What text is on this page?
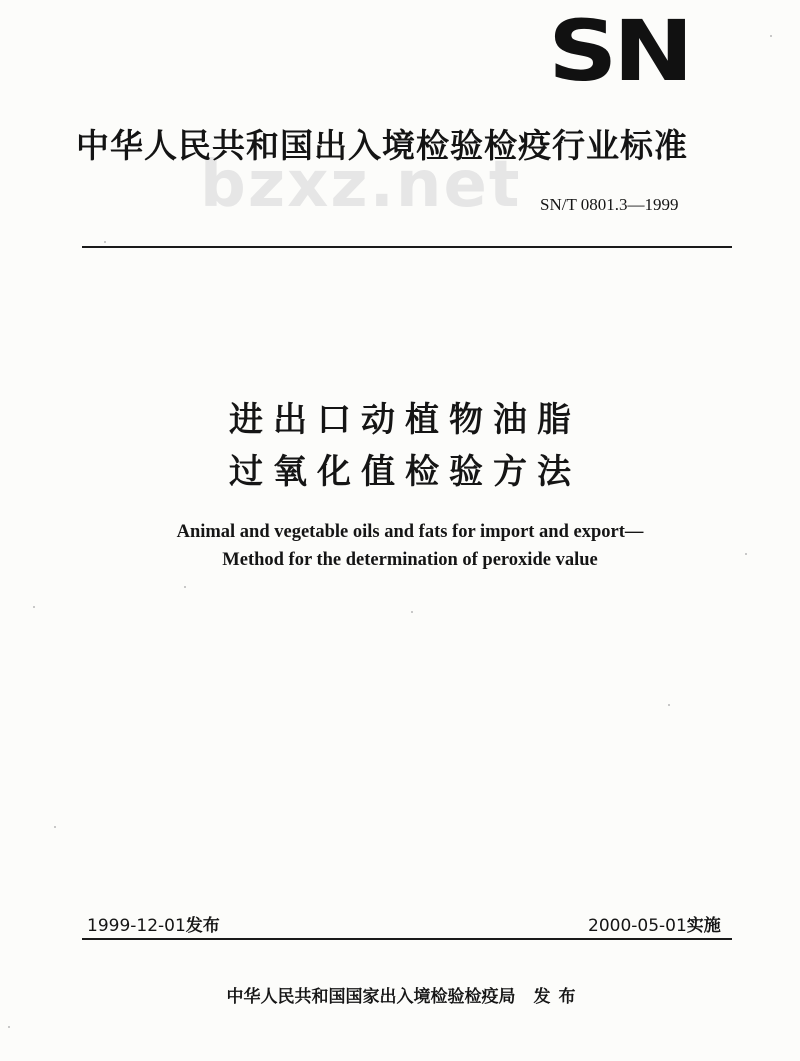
SN
bzxz.net
中华人民共和国出入境检验检疫行业标准
SN/T 0801.3—1999
进出口动植物油脂
过氧化值检验方法
Animal and vegetable oils and fats for import and export—
Method for the determination of peroxide value
1999-12-01发布	2000-05-01实施
中华人民共和国国家出入境检验检疫局 发布
